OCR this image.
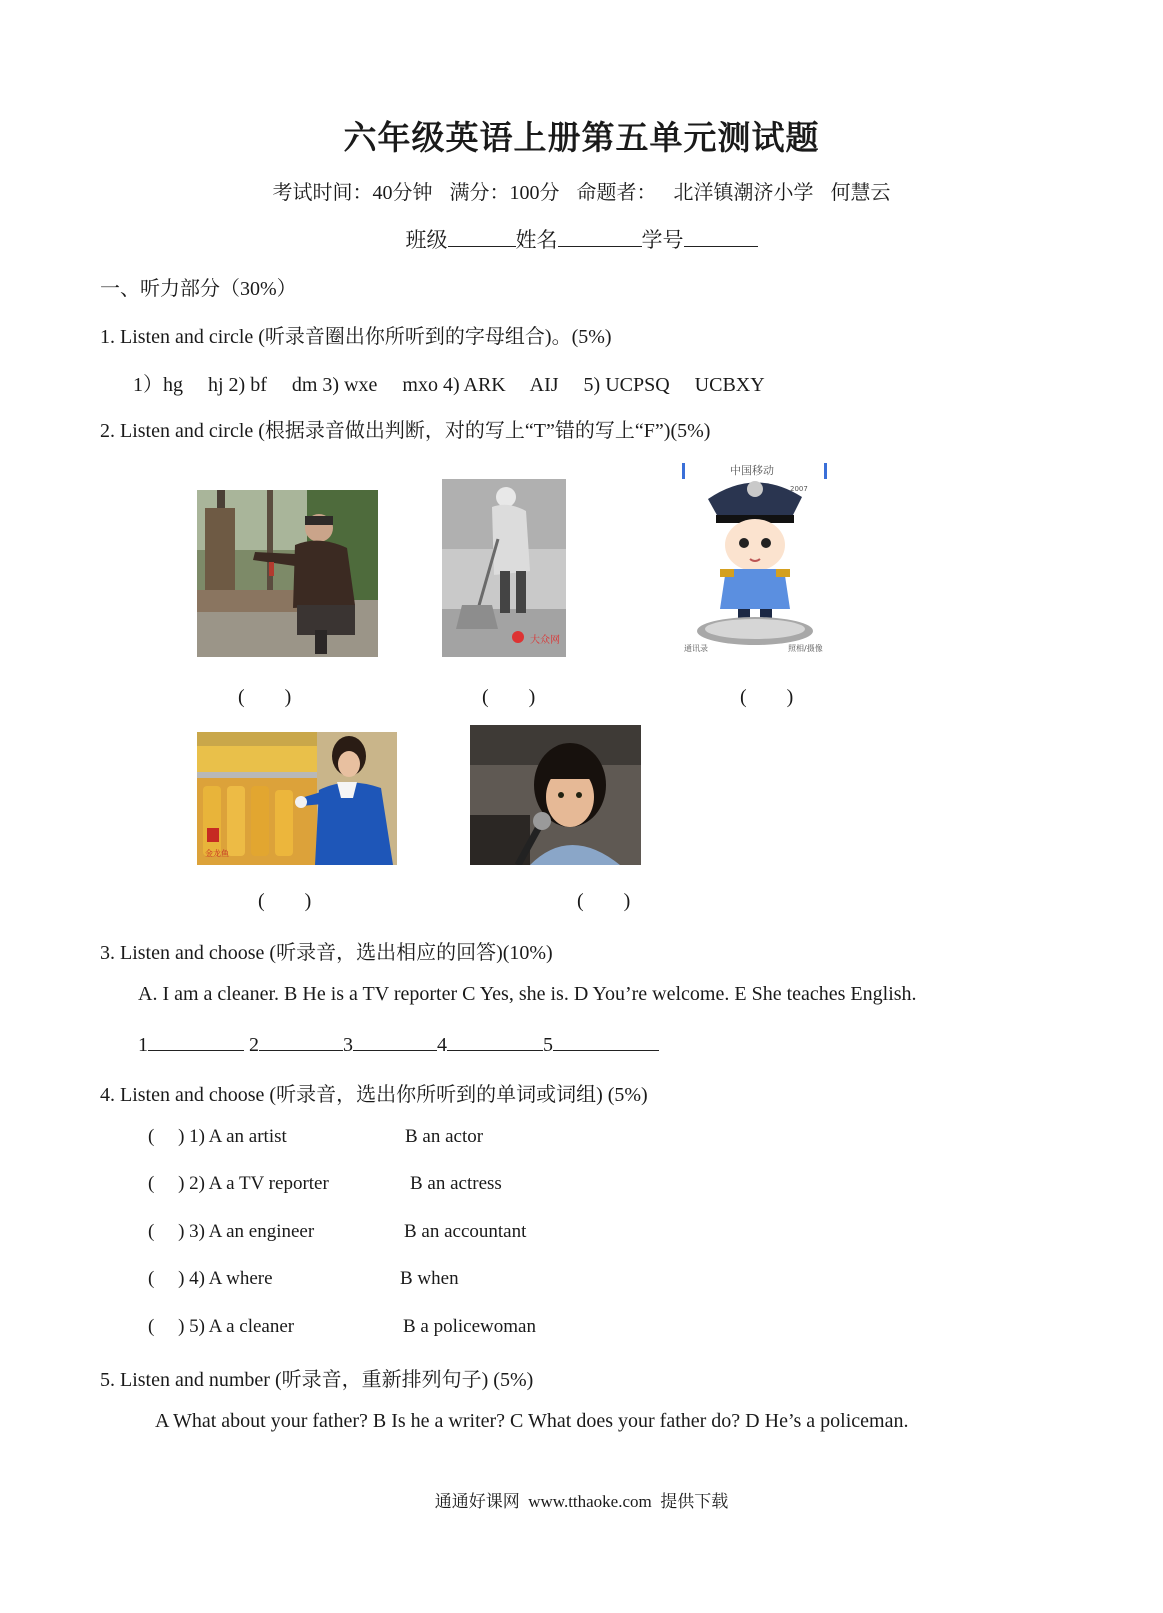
六年级英语上册第五单元测试题
考试时间：40分钟 满分：100分 命题者： 北洋镇潮济小学 何慧云
班级	姓名	学号
一、听力部分（30%）
1. Listen and circle (听录音圈出你所听到的字母组合)。(5%)
1）hg     hj 2) bf     dm 3) wxe     mxo 4) ARK     AIJ     5) UCPSQ     UCBXY
2. Listen and circle (根据录音做出判断，对的写上“T”错的写上“F”)(5%)
大众网
中国移动
2007
通讯录	照相/摄像
(        )	(        )	(        )
金龙鱼
(        )	(        )
3. Listen and choose (听录音，选出相应的回答)(10%)
A. I am a cleaner. B He is a TV reporter C Yes, she is. D You’re welcome. E She teaches English.
1	2	3	4	5
4. Listen and choose (听录音，选出你所听到的单词或词组) (5%)
(     ) 1) A an artist	B an actor
(     ) 2) A a TV reporter	B an actress
(     ) 3) A an engineer	B an accountant
(     ) 4) A where	B when
(     ) 5) A a cleaner	B a policewoman
5. Listen and number (听录音，重新排列句子) (5%)
A What about your father? B Is he a writer? C What does your father do? D He’s a policeman.
通通好课网  www.tthaoke.com  提供下载
